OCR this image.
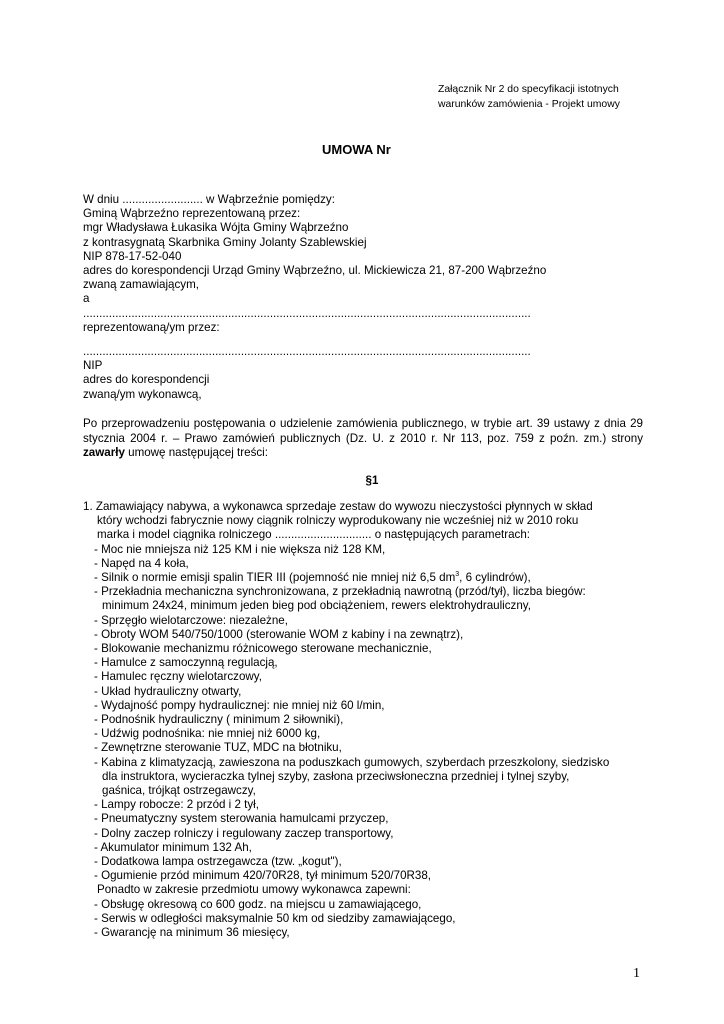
Załącznik Nr 2 do specyfikacji istotnych
warunków zamówienia - Projekt umowy
UMOWA Nr
W dniu ......................... w Wąbrzeźnie pomiędzy:
Gminą Wąbrzeźno reprezentowaną przez:
mgr Władysława Łukasika Wójta Gminy Wąbrzeźno
z kontrasygnatą Skarbnika Gminy Jolanty Szablewskiej
NIP 878-17-52-040
adres do korespondencji Urząd Gminy Wąbrzeźno, ul. Mickiewicza 21, 87-200 Wąbrzeźno
zwaną zamawiającym,
a
...........................................................................................................................................
reprezentowaną/ym przez:
...........................................................................................................................................
NIP
adres do korespondencji
zwaną/ym wykonawcą,
Po przeprowadzeniu postępowania o udzielenie zamówienia publicznego, w trybie art. 39 ustawy z dnia 29 stycznia 2004 r. – Prawo zamówień publicznych (Dz. U. z 2010 r. Nr 113, poz. 759 z poźn. zm.) strony zawarły umowę następującej treści:
§1
1. Zamawiający nabywa, a wykonawca sprzedaje zestaw do wywozu nieczystości płynnych w skład
który wchodzi fabrycznie nowy ciągnik rolniczy wyprodukowany nie wcześniej niż w 2010 roku
marka i model ciągnika rolniczego .............................. o następujących parametrach:
- Moc nie mniejsza niż 125 KM i nie większa niż 128 KM,
- Napęd na 4 koła,
- Silnik o normie emisji spalin TIER III (pojemność nie mniej niż 6,5 $dm^3$, 6 cylindrów),
- Przekładnia mechaniczna synchronizowana, z przekładnią nawrotną (przód/tył), liczba biegów:
minimum 24x24, minimum jeden bieg pod obciążeniem, rewers elektrohydrauliczny,
- Sprzęgło wielotarczowe: niezależne,
- Obroty WOM 540/750/1000 (sterowanie WOM z kabiny i na zewnątrz),
- Blokowanie mechanizmu różnicowego sterowane mechanicznie,
- Hamulce z samoczynną regulacją,
- Hamulec ręczny wielotarczowy,
- Układ hydrauliczny otwarty,
- Wydajność pompy hydraulicznej: nie mniej niż 60 l/min,
- Podnośnik hydrauliczny ( minimum 2 siłowniki),
- Udźwig podnośnika: nie mniej niż 6000 kg,
- Zewnętrzne sterowanie TUZ, MDC na błotniku,
- Kabina z klimatyzacją, zawieszona na poduszkach gumowych, szyberdach przeszkolony, siedzisko
dla instruktora, wycieraczka tylnej szyby, zasłona przeciwsłoneczna przedniej i tylnej szyby,
gaśnica, trójkąt ostrzegawczy,
- Lampy robocze: 2 przód i 2 tył,
- Pneumatyczny system sterowania hamulcami przyczep,
- Dolny zaczep rolniczy i regulowany zaczep transportowy,
- Akumulator minimum 132 Ah,
- Dodatkowa lampa ostrzegawcza (tzw. „kogut"),
- Ogumienie przód minimum 420/70R28, tył minimum 520/70R38,
Ponadto w zakresie przedmiotu umowy wykonawca zapewni:
- Obsługę okresową co 600 godz. na miejscu u zamawiającego,
- Serwis w odległości maksymalnie 50 km od siedziby zamawiającego,
- Gwarancję na minimum 36 miesięcy,
1
